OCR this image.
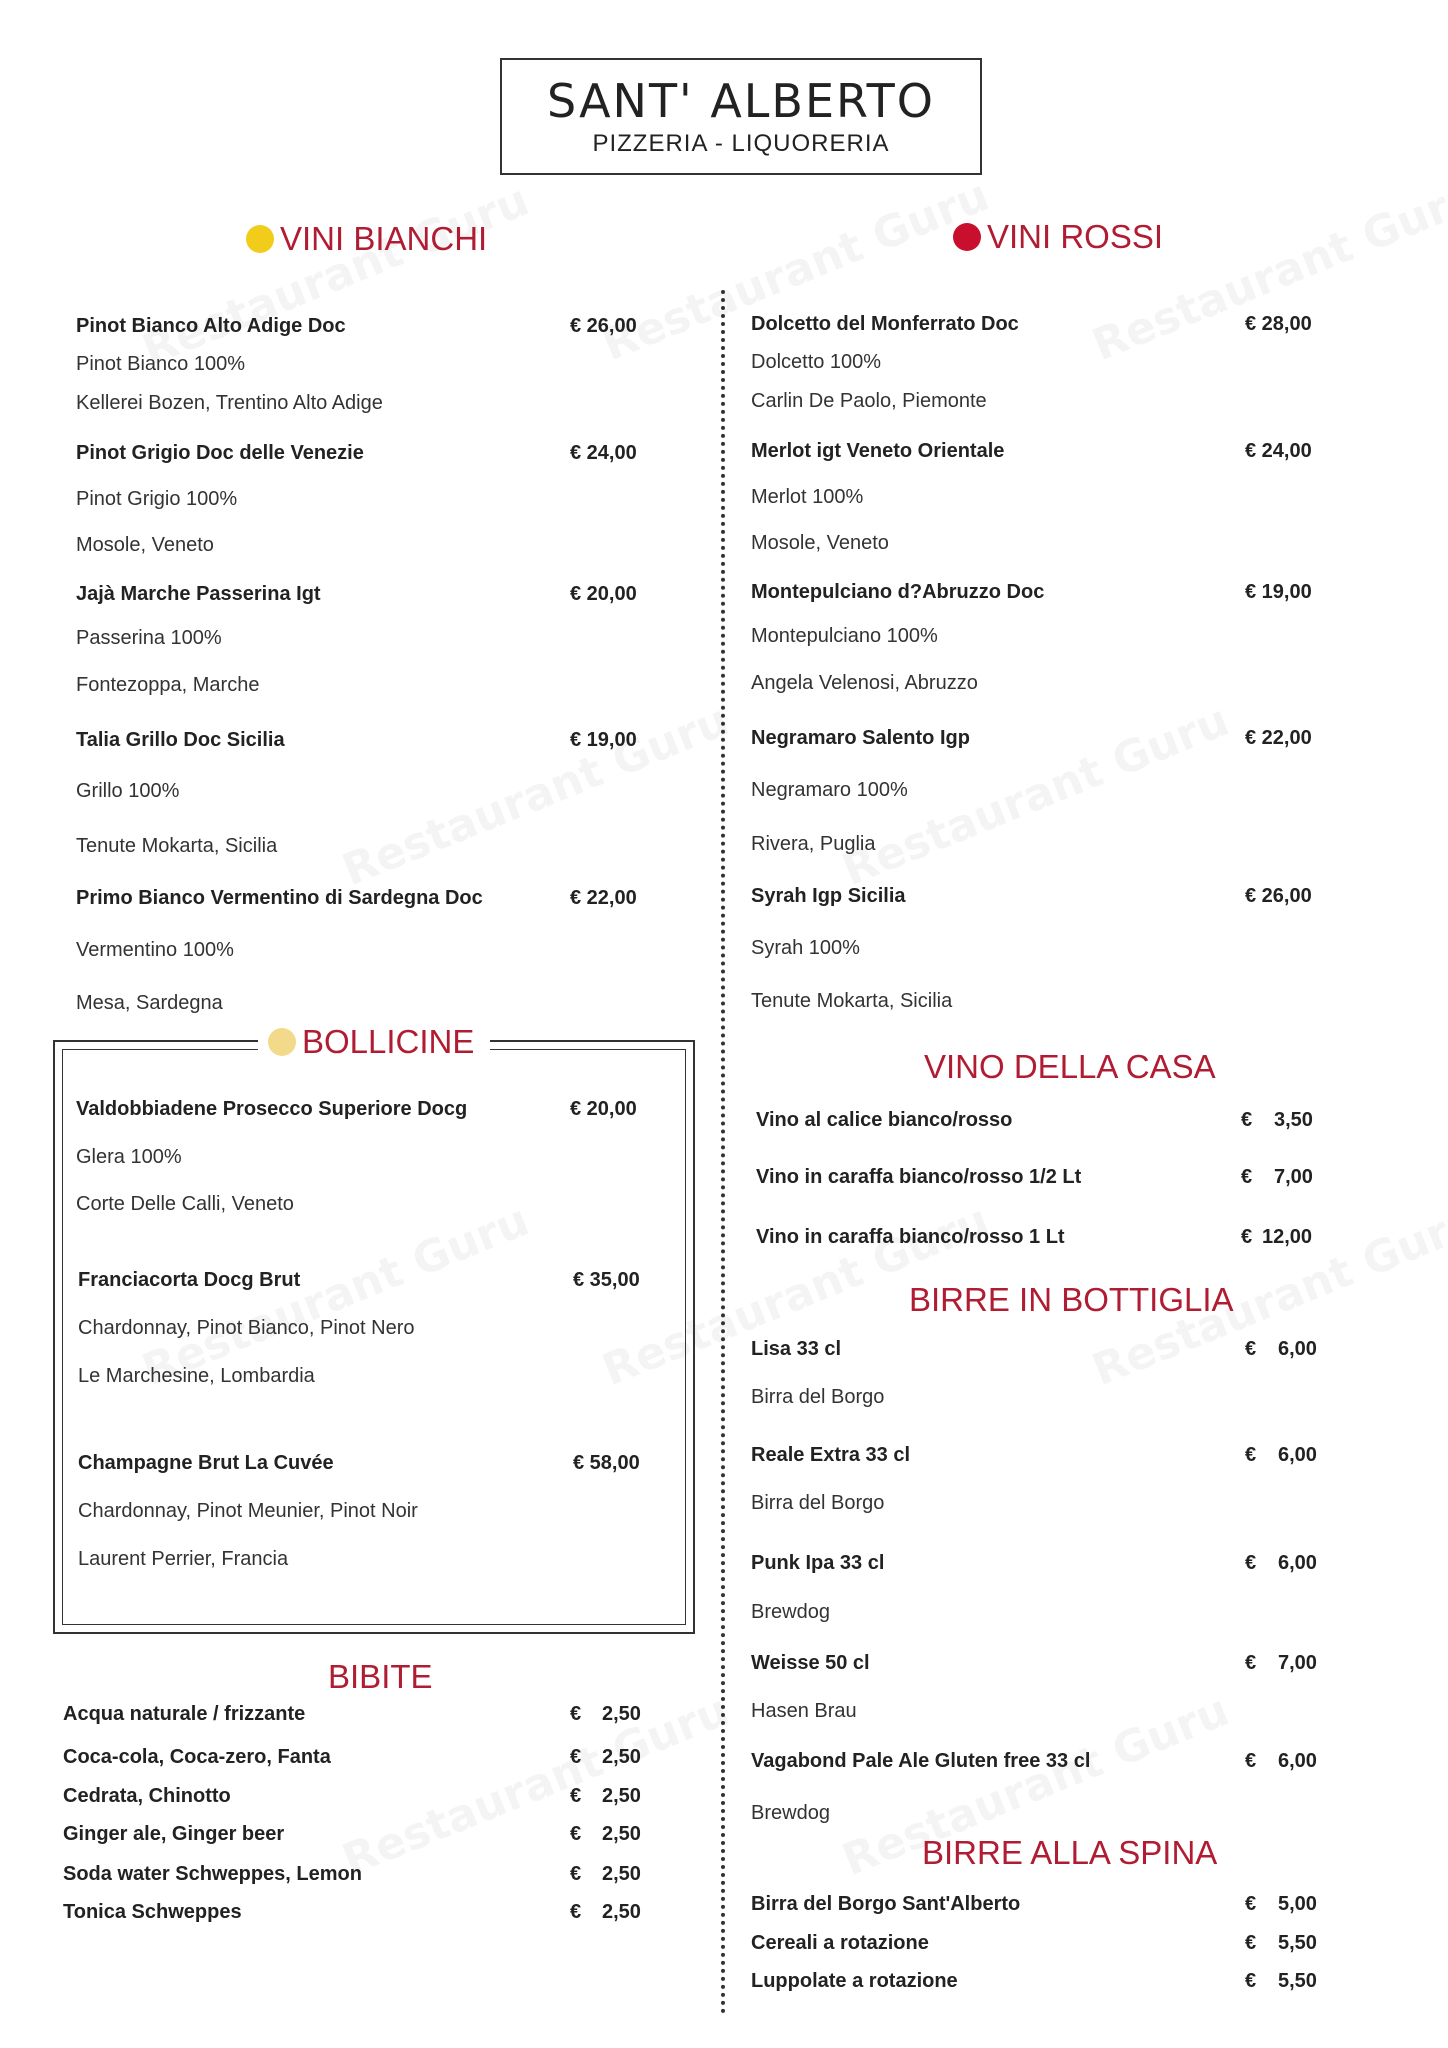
SANT' ALBERTO
PIZZERIA - LIQUORERIA
VINI BIANCHI
Pinot Bianco Alto Adige Doc	€ 26,00
Pinot Bianco 100%
Kellerei Bozen, Trentino Alto Adige
Pinot Grigio Doc delle Venezie	€ 24,00
Pinot Grigio 100%
Mosole, Veneto
Jajà Marche Passerina Igt	€ 20,00
Passerina 100%
Fontezoppa, Marche
Talia Grillo Doc Sicilia	€ 19,00
Grillo 100%
Tenute Mokarta, Sicilia
Primo Bianco Vermentino di Sardegna Doc	€ 22,00
Vermentino 100%
Mesa, Sardegna
BOLLICINE
Valdobbiadene Prosecco Superiore Docg	€ 20,00
Glera 100%
Corte Delle Calli, Veneto
Franciacorta Docg Brut	€ 35,00
Chardonnay, Pinot Bianco, Pinot Nero
Le Marchesine, Lombardia
Champagne Brut La Cuvée	€ 58,00
Chardonnay, Pinot Meunier, Pinot Noir
Laurent Perrier, Francia
BIBITE
Acqua naturale / frizzante	€ 2,50
Coca-cola, Coca-zero, Fanta	€ 2,50
Cedrata, Chinotto	€ 2,50
Ginger ale, Ginger beer	€ 2,50
Soda water Schweppes, Lemon	€ 2,50
Tonica Schweppes	€ 2,50
VINI ROSSI
Dolcetto del Monferrato Doc	€ 28,00
Dolcetto 100%
Carlin De Paolo, Piemonte
Merlot igt Veneto Orientale	€ 24,00
Merlot 100%
Mosole, Veneto
Montepulciano d?Abruzzo Doc	€ 19,00
Montepulciano 100%
Angela Velenosi, Abruzzo
Negramaro Salento Igp	€ 22,00
Negramaro 100%
Rivera, Puglia
Syrah Igp Sicilia	€ 26,00
Syrah 100%
Tenute Mokarta, Sicilia
VINO DELLA CASA
Vino al calice bianco/rosso	€ 3,50
Vino in caraffa bianco/rosso 1/2 Lt	€ 7,00
Vino in caraffa bianco/rosso 1 Lt	€ 12,00
BIRRE IN BOTTIGLIA
Lisa 33 cl	€ 6,00
Birra del Borgo
Reale Extra 33 cl	€ 6,00
Birra del Borgo
Punk Ipa 33 cl	€ 6,00
Brewdog
Weisse 50 cl	€ 7,00
Hasen Brau
Vagabond Pale Ale Gluten free 33 cl	€ 6,00
Brewdog
BIRRE ALLA SPINA
Birra del Borgo Sant'Alberto	€ 5,00
Cereali a rotazione	€ 5,50
Luppolate a rotazione	€ 5,50
